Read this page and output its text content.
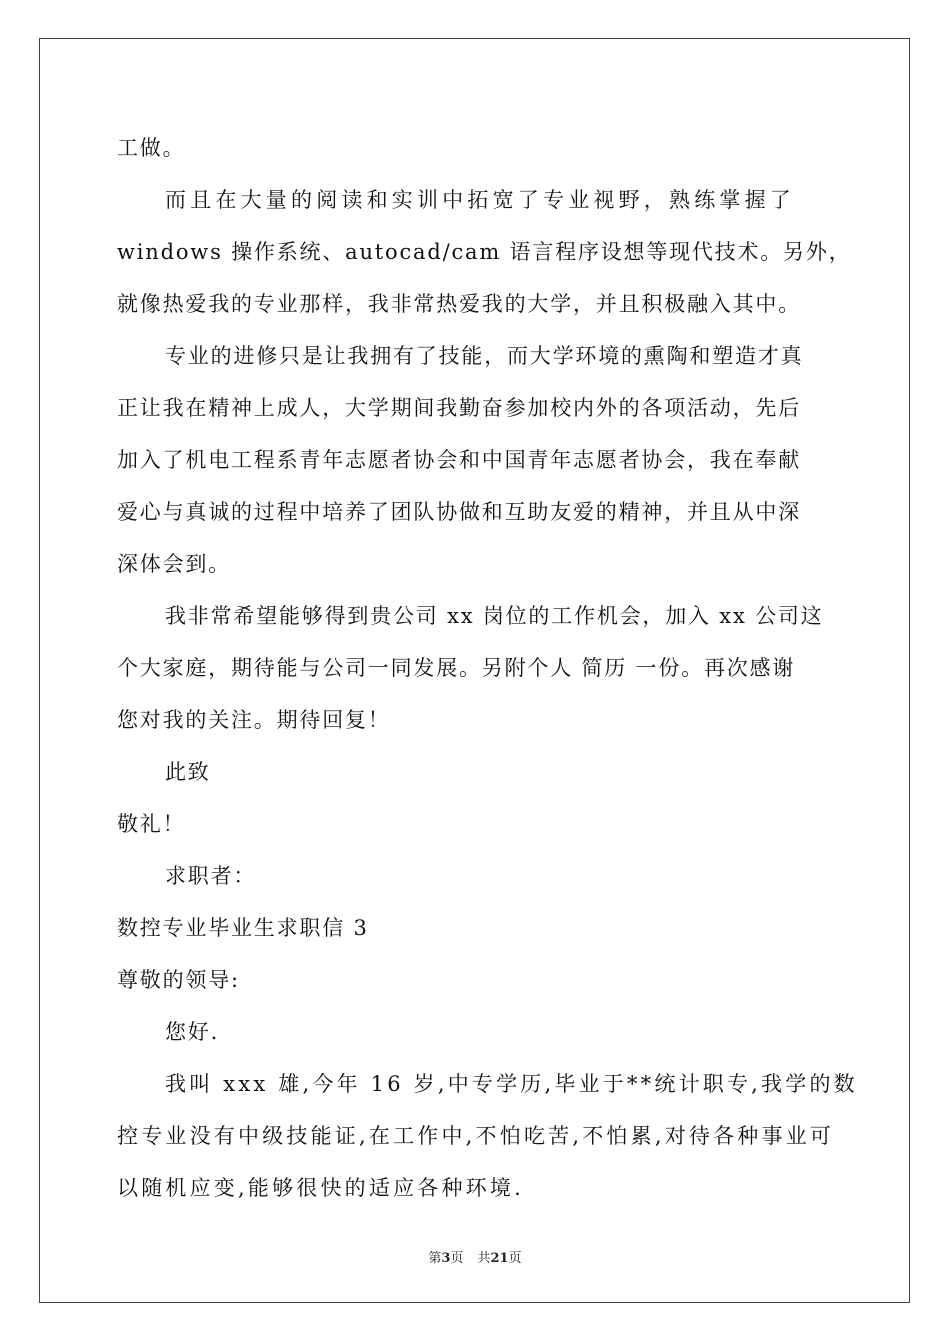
工做。
而且在大量的阅读和实训中拓宽了专业视野，熟练掌握了
windows 操作系统、autocad/cam 语言程序设想等现代技术。另外，
就像热爱我的专业那样，我非常热爱我的大学，并且积极融入其中。
专业的进修只是让我拥有了技能，而大学环境的熏陶和塑造才真
正让我在精神上成人，大学期间我勤奋参加校内外的各项活动，先后
加入了机电工程系青年志愿者协会和中国青年志愿者协会，我在奉献
爱心与真诚的过程中培养了团队协做和互助友爱的精神，并且从中深
深体会到。
我非常希望能够得到贵公司 xx 岗位的工作机会，加入 xx 公司这
个大家庭，期待能与公司一同发展。另附个人 简历 一份。再次感谢
您对我的关注。期待回复！
此致
敬礼！
求职者：
数控专业毕业生求职信 3
尊敬的领导:
您好.
我叫 xxx 雄,今年 16 岁,中专学历,毕业于**统计职专,我学的数
控专业没有中级技能证,在工作中,不怕吃苦,不怕累,对待各种事业可
以随机应变,能够很快的适应各种环境.
第3页 共21页
